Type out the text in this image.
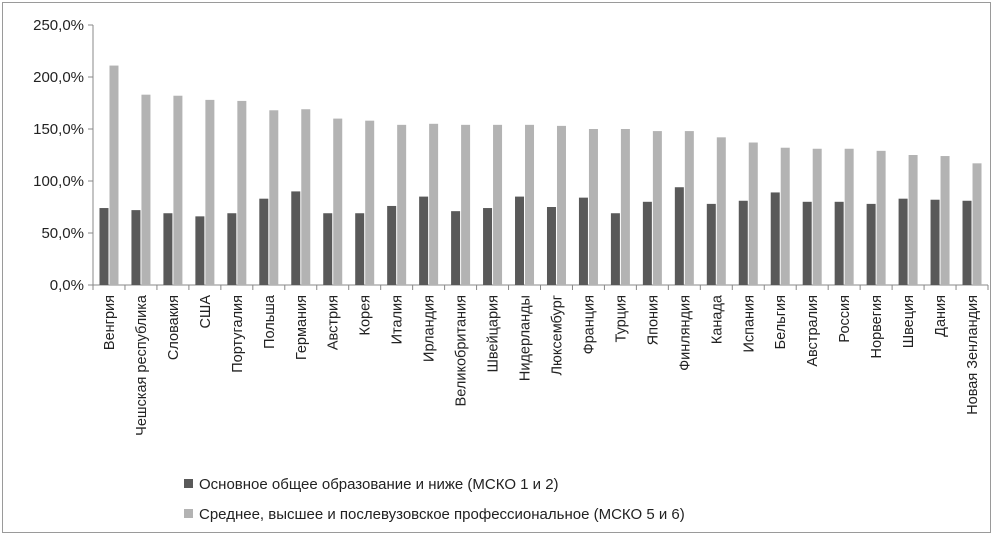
0,0%
50,0%
100,0%
150,0%
200,0%
250,0%
Венгрия Чешская республика Словакия США Португалия Польша Германия Австрия Корея Италия Ирландия Великобритания Швейцария Нидерланды Люксембург Франция Турция Япония Финляндия Канада Испания Бельгия Австралия Россия Норвегия Швеция Дания Новая Зенландия
Основное общее образование и ниже (МСКО 1 и 2)
Среднее, высшее и послевузовское профессиональное (МСКО 5 и 6)
